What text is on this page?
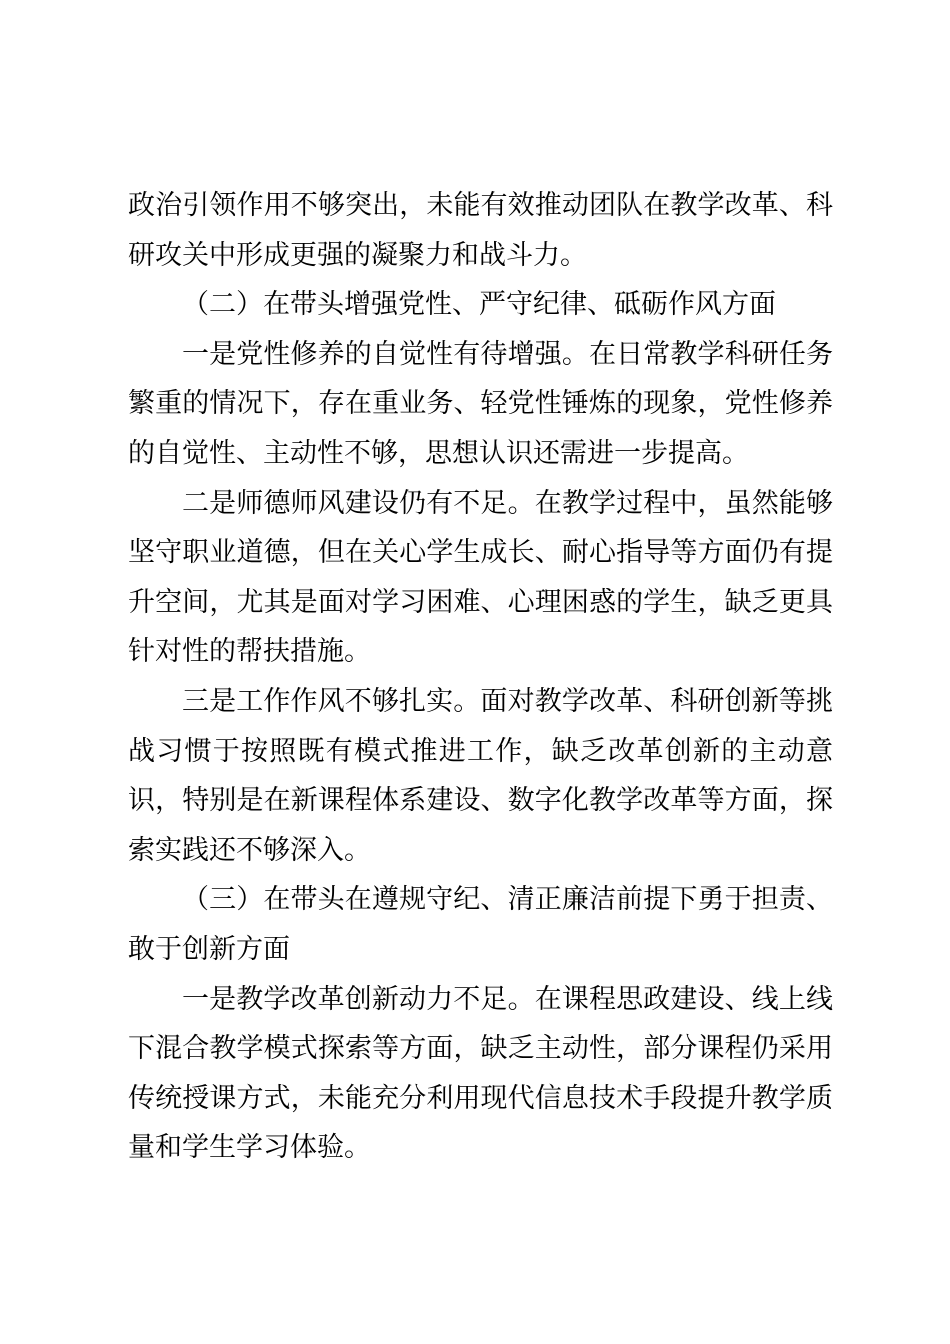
政治引领作用不够突出，未能有效推动团队在教学改革、科研攻关中形成更强的凝聚力和战斗力。

（二）在带头增强党性、严守纪律、砥砺作风方面

一是党性修养的自觉性有待增强。在日常教学科研任务繁重的情况下，存在重业务、轻党性锤炼的现象，党性修养的自觉性、主动性不够，思想认识还需进一步提高。

二是师德师风建设仍有不足。在教学过程中，虽然能够坚守职业道德，但在关心学生成长、耐心指导等方面仍有提升空间，尤其是面对学习困难、心理困惑的学生，缺乏更具针对性的帮扶措施。

三是工作作风不够扎实。面对教学改革、科研创新等挑战习惯于按照既有模式推进工作，缺乏改革创新的主动意识，特别是在新课程体系建设、数字化教学改革等方面，探索实践还不够深入。

（三）在带头在遵规守纪、清正廉洁前提下勇于担责、敢于创新方面

一是教学改革创新动力不足。在课程思政建设、线上线下混合教学模式探索等方面，缺乏主动性，部分课程仍采用传统授课方式，未能充分利用现代信息技术手段提升教学质量和学生学习体验。
